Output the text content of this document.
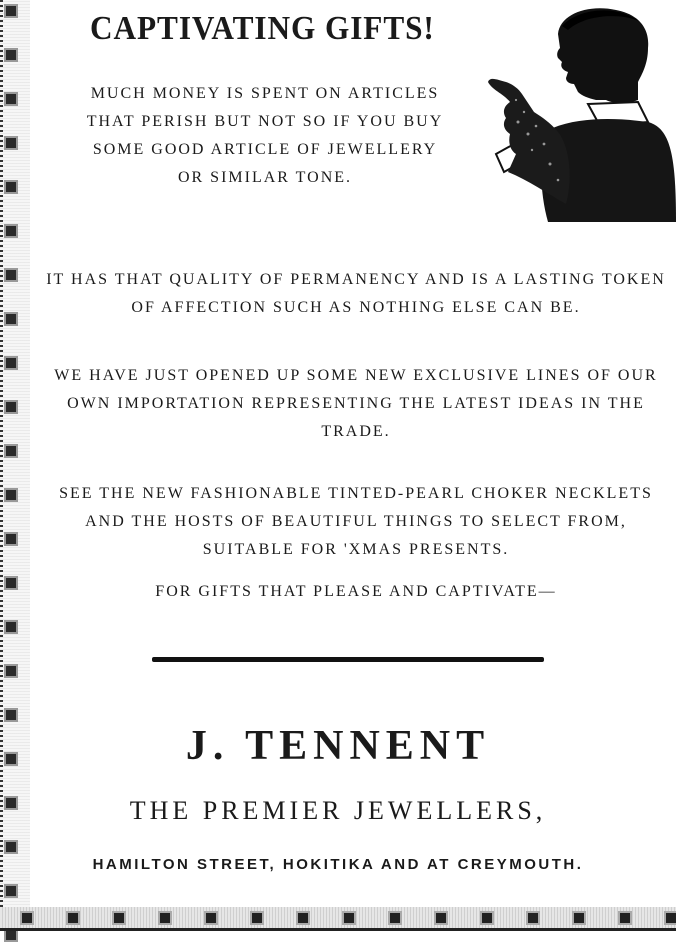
CAPTIVATING GIFTS!
MUCH MONEY IS SPENT ON ARTICLES THAT PERISH BUT NOT SO IF YOU BUY SOME GOOD ARTICLE OF JEWELLERY OR SIMILAR TONE.
IT HAS THAT QUALITY OF PERMANENCY AND IS A LASTING TOKEN OF AFFECTION SUCH AS NOTHING ELSE CAN BE.
WE HAVE JUST OPENED UP SOME NEW EXCLUSIVE LINES OF OUR OWN IMPORTATION REPRESENTING THE LATEST IDEAS IN THE TRADE.
SEE THE NEW FASHIONABLE TINTED-PEARL CHOKER NECKLETS AND THE HOSTS OF BEAUTIFUL THINGS TO SELECT FROM, SUITABLE FOR 'XMAS PRESENTS.
FOR GIFTS THAT PLEASE AND CAPTIVATE—
J. TENNENT
THE PREMIER JEWELLERS,
HAMILTON STREET, HOKITIKA AND AT CREYMOUTH.
